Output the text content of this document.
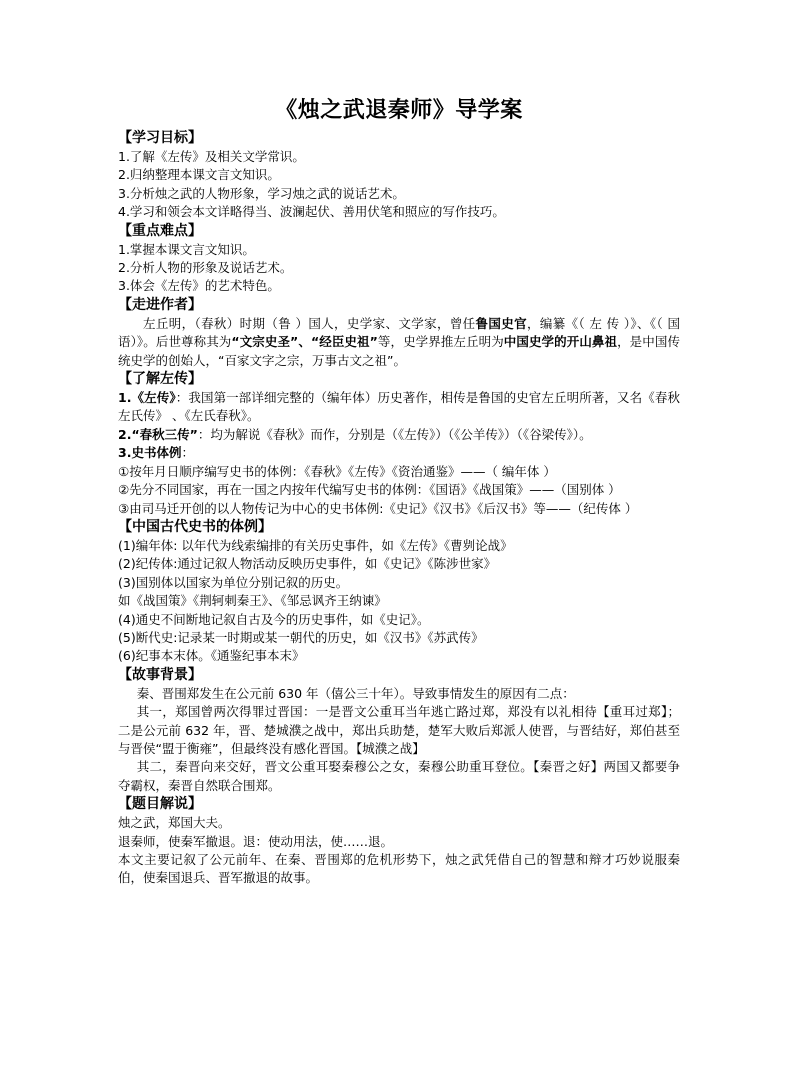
《烛之武退秦师》导学案
【学习目标】

1.了解《左传》及相关文学常识。

2.归纳整理本课文言文知识。

3.分析烛之武的人物形象，学习烛之武的说话艺术。

4.学习和领会本文详略得当、波澜起伏、善用伏笔和照应的写作技巧。

【重点难点】

1.掌握本课文言文知识。

2.分析人物的形象及说话艺术。

3.体会《左传》的艺术特色。

【走进作者】

左丘明，（春秋）时期（鲁 ）国人，史学家、文学家，曾任鲁国史官，编纂《（ 左 传 ）》、《（ 国语）》。后世尊称其为“文宗史圣”、“经臣史祖”等，史学界推左丘明为中国史学的开山鼻祖，是中国传统史学的创始人，“百家文字之宗，万事古文之祖”。

【了解左传】

1.《左传》：我国第一部详细完整的（编年体）历史著作，相传是鲁国的史官左丘明所著，又名《春秋左氏传》 、《左氏春秋》。

2.“春秋三传”：均为解说《春秋》而作，分别是（《左传》）（《公羊传》）（《谷梁传》）。

3.史书体例：

①按年月日顺序编写史书的体例：《春秋》《左传》《资治通鉴》——（ 编年体 ）

②先分不同国家，再在一国之内按年代编写史书的体例：《国语》《战国策》——（国别体 ）

③由司马迁开创的以人物传记为中心的史书体例:《史记》《汉书》《后汉书》等——（纪传体 ）

【中国古代史书的体例】

(1)编年体: 以年代为线索编排的有关历史事件，如《左传》《曹刿论战》

(2)纪传体:通过记叙人物活动反映历史事件，如《史记》《陈涉世家》

(3)国别体以国家为单位分别记叙的历史。

如《战国策》《荆轲刺秦王》、《邹忌讽齐王纳谏》

(4)通史不间断地记叙自古及今的历史事件，如《史记》。

(5)断代史:记录某一时期或某一朝代的历史，如《汉书》《苏武传》

(6)纪事本末体。《通鉴纪事本末》

【故事背景】

秦、晋围郑发生在公元前 630 年（僖公三十年）。导致事情发生的原因有二点：

其一，郑国曾两次得罪过晋国：一是晋文公重耳当年逃亡路过郑，郑没有以礼相待【重耳过郑】；二是公元前 632 年，晋、楚城濮之战中，郑出兵助楚，楚军大败后郑派人使晋，与晋结好，郑伯甚至与晋侯“盟于衡雍”，但最终没有感化晋国。【城濮之战】

其二，秦晋向来交好，晋文公重耳娶秦穆公之女，秦穆公助重耳登位。【秦晋之好】两国又都要争夺霸权，秦晋自然联合围郑。

【题目解说】

烛之武，郑国大夫。

退秦师，使秦军撤退。退：使动用法，使……退。

本文主要记叙了公元前年、在秦、晋围郑的危机形势下，烛之武凭借自己的智慧和辩才巧妙说服秦伯，使秦国退兵、晋军撤退的故事。
